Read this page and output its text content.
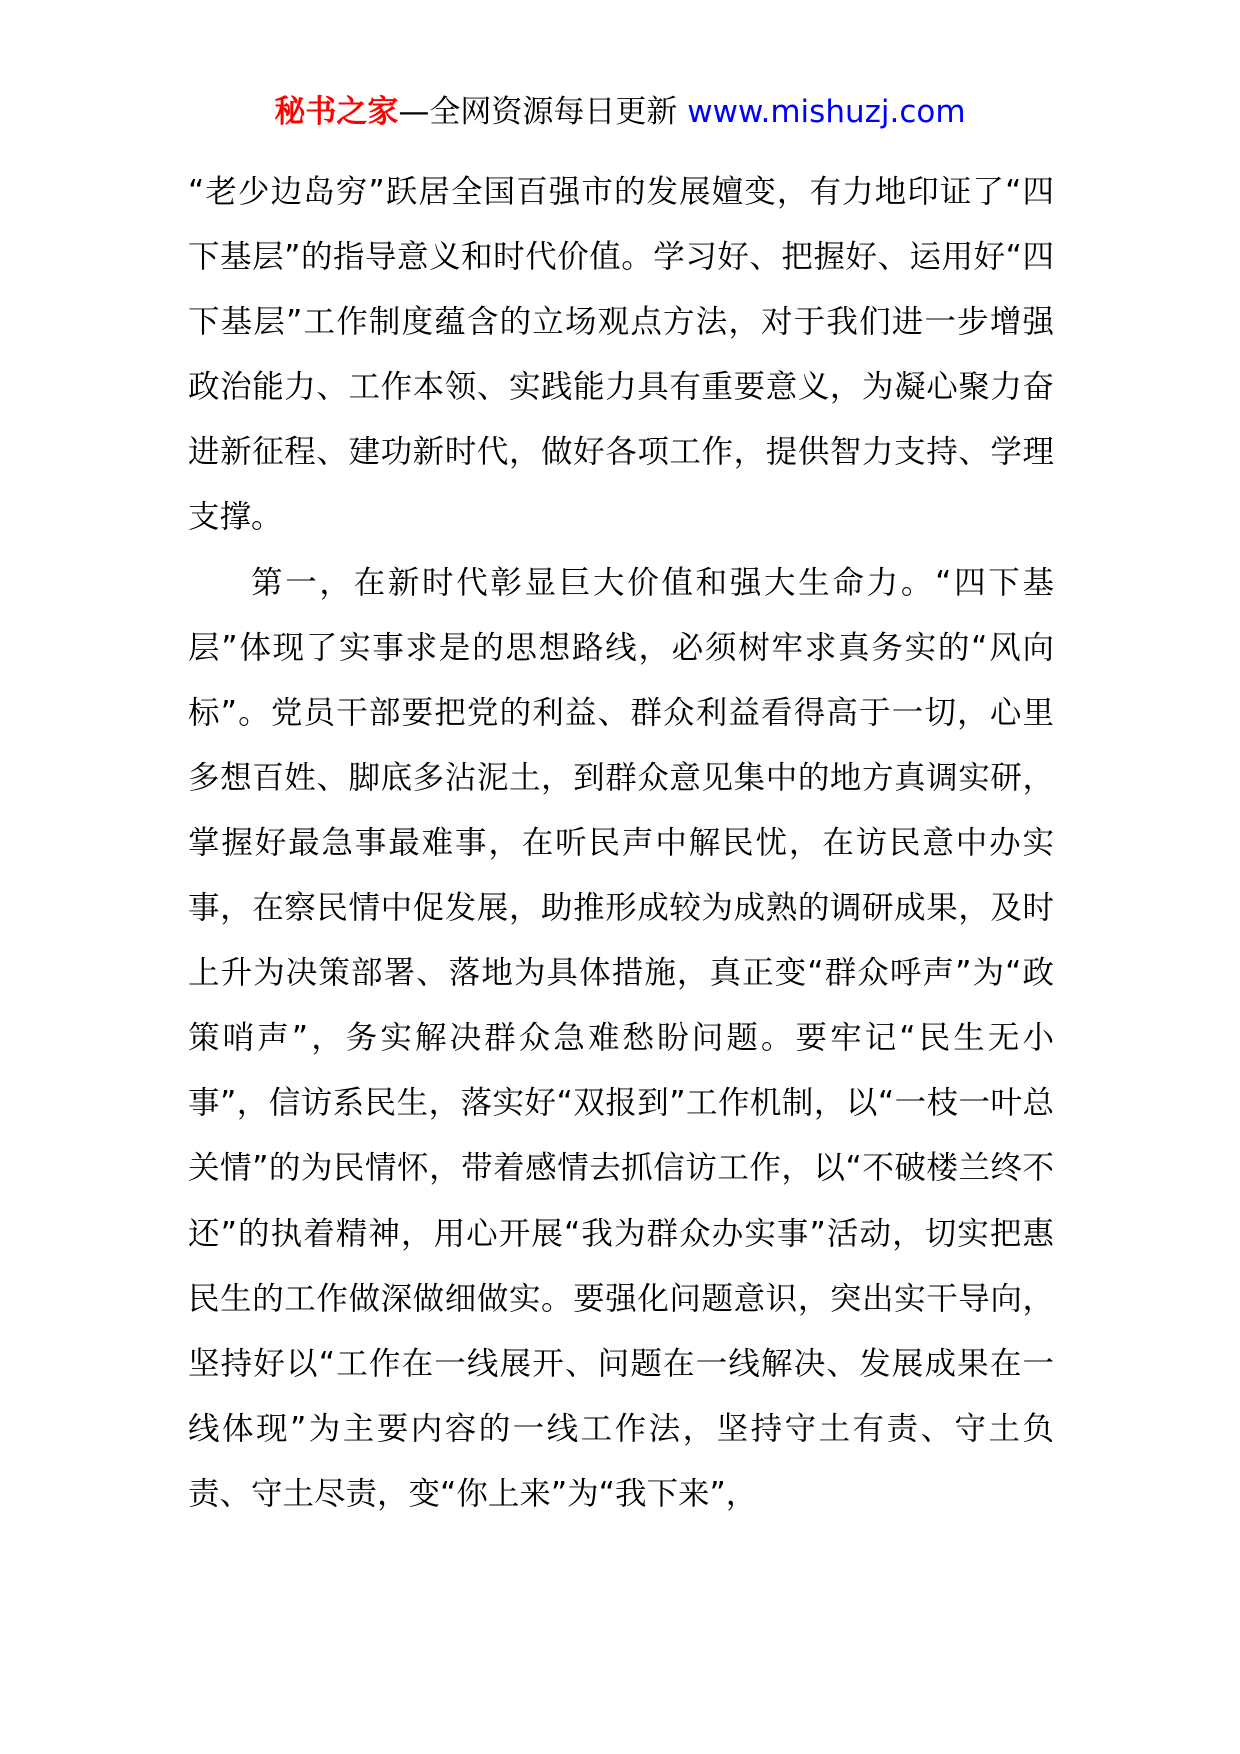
秘书之家—全网资源每日更新 www.mishuzj.com

“老少边岛穷”跃居全国百强市的发展嬗变，有力地印证了“四下基层”的指导意义和时代价值。学习好、把握好、运用好“四下基层”工作制度蕴含的立场观点方法，对于我们进一步增强政治能力、工作本领、实践能力具有重要意义，为凝心聚力奋进新征程、建功新时代，做好各项工作，提供智力支持、学理支撑。

第一，在新时代彰显巨大价值和强大生命力。“四下基层”体现了实事求是的思想路线，必须树牢求真务实的“风向标”。党员干部要把党的利益、群众利益看得高于一切，心里多想百姓、脚底多沾泥土，到群众意见集中的地方真调实研，掌握好最急事最难事，在听民声中解民忧，在访民意中办实事，在察民情中促发展，助推形成较为成熟的调研成果，及时上升为决策部署、落地为具体措施，真正变“群众呼声”为“政策哨声”，务实解决群众急难愁盼问题。要牢记“民生无小事”，信访系民生，落实好“双报到”工作机制，以“一枝一叶总关情”的为民情怀，带着感情去抓信访工作，以“不破楼兰终不还”的执着精神，用心开展“我为群众办实事”活动，切实把惠民生的工作做深做细做实。要强化问题意识，突出实干导向，坚持好以“工作在一线展开、问题在一线解决、发展成果在一线体现”为主要内容的一线工作法，坚持守土有责、守土负责、守土尽责，变“你上来”为“我下来”，
